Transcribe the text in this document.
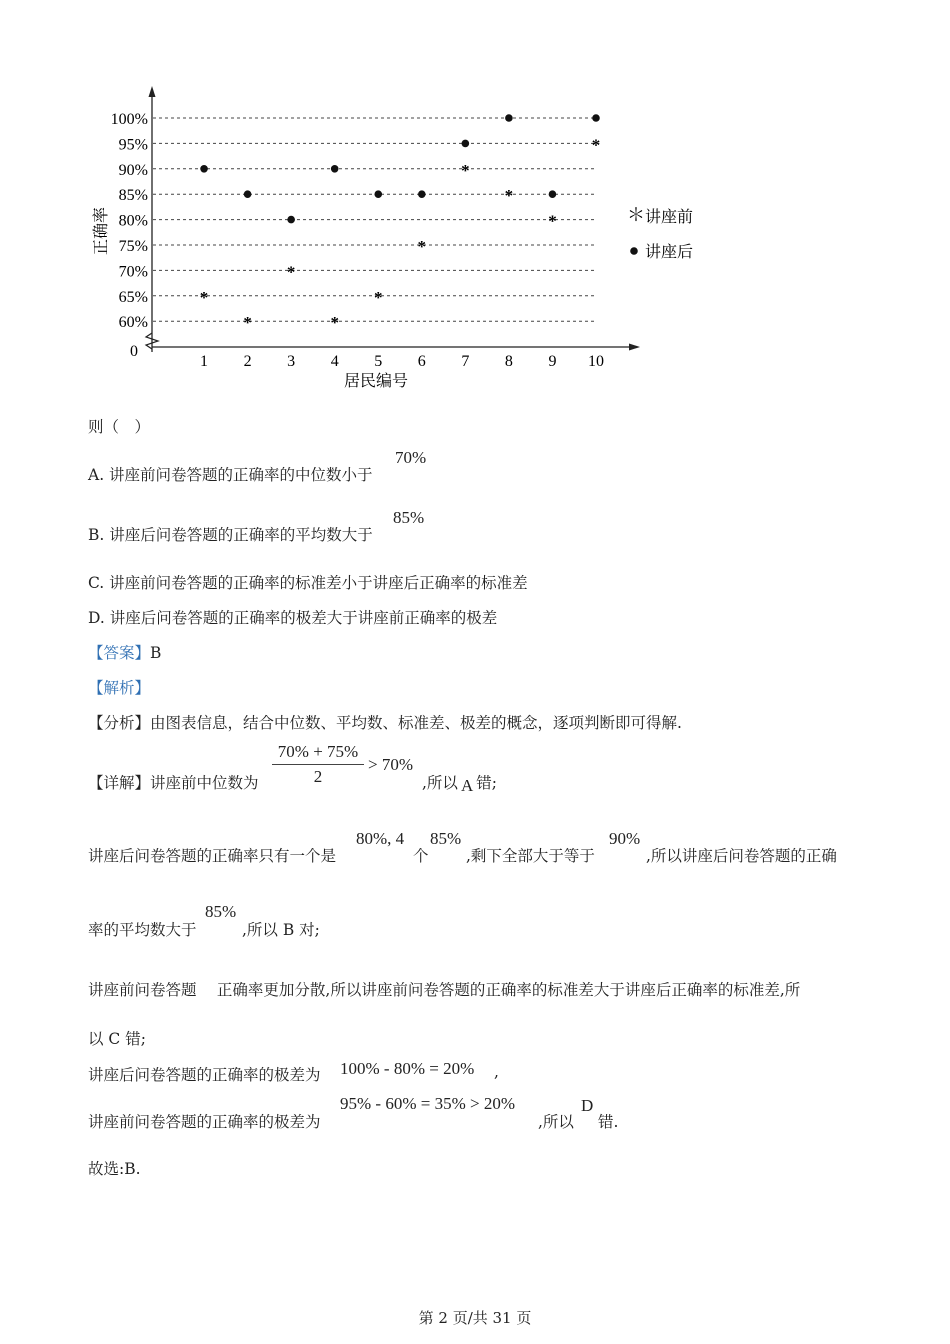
60%
65%
70%
75%
80%
85%
90%
95%
100%
1 2 3 4 5 6 7 8 9 10
*
*
*
*
*
*
*
*
*
*
0
正确率
居民编号
＊ 讲座前
讲座后
则（　）
A. 讲座前问卷答题的正确率的中位数小于
70%
B. 讲座后问卷答题的正确率的平均数大于
85%
C. 讲座前问卷答题的正确率的标准差小于讲座后正确率的标准差
D. 讲座后问卷答题的正确率的极差大于讲座前正确率的极差
【答案】B
【解析】
【分析】由图表信息，结合中位数、平均数、标准差、极差的概念，逐项判断即可得解.
【详解】讲座前中位数为 $\frac{70\% + 75\%}{2} > 70\%$
,所以 A 错;
讲座后问卷答题的正确率只有一个是
80%, 4
个
85%
,剩下全部大于等于
90%
,所以讲座后问卷答题的正确
率的平均数大于
85%
,所以 B 对;
讲座前问卷答题　 正确率更加分散,所以讲座前问卷答题的正确率的标准差大于讲座后正确率的标准差,所
以 C 错;
讲座后问卷答题的正确率的极差为 100% - 80% = 20% ,
讲座前问卷答题的正确率的极差为
95% - 60% = 35% > 20%
,所以
D
错.
故选:B.
第 2 页/共 31 页
